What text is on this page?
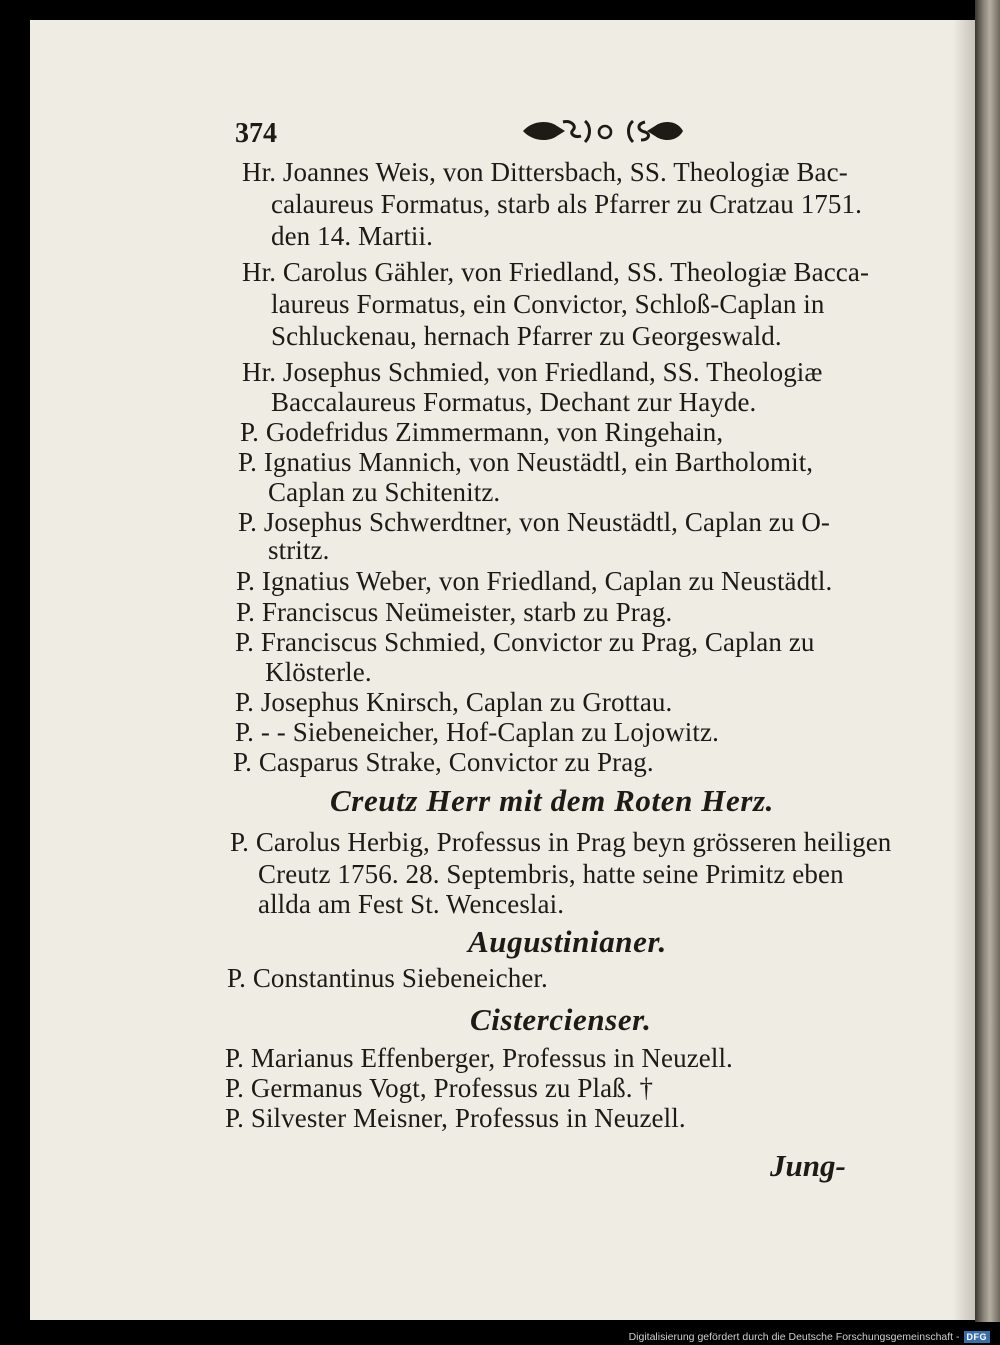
374
Hr. Joannes Weis, von Dittersbach, SS. Theologiæ Bac-
calaureus Formatus, starb als Pfarrer zu Cratzau 1751.
den 14. Martii.
Hr. Carolus Gähler, von Friedland, SS. Theologiæ Bacca-
laureus Formatus, ein Convictor, Schloß-Caplan in
Schluckenau, hernach Pfarrer zu Georgeswald.
Hr. Josephus Schmied, von Friedland, SS. Theologiæ
Baccalaureus Formatus, Dechant zur Hayde.
P. Godefridus Zimmermann, von Ringehain,
P. Ignatius Mannich, von Neustädtl, ein Bartholomit,
Caplan zu Schitenitz.
P. Josephus Schwerdtner, von Neustädtl, Caplan zu O-
stritz.
P. Ignatius Weber, von Friedland, Caplan zu Neustädtl.
P. Franciscus Neümeister, starb zu Prag.
P. Franciscus Schmied, Convictor zu Prag, Caplan zu
Klösterle.
P. Josephus Knirsch, Caplan zu Grottau.
P. - - Siebeneicher, Hof-Caplan zu Lojowitz.
P. Casparus Strake, Convictor zu Prag.
Creutz Herr mit dem Roten Herz.
P. Carolus Herbig, Professus in Prag beyn grösseren heiligen
Creutz 1756. 28. Septembris, hatte seine Primitz eben
allda am Fest St. Wenceslai.
Augustinianer.
P. Constantinus Siebeneicher.
Cistercienser.
P. Marianus Effenberger, Professus in Neuzell.
P. Germanus Vogt, Professus zu Plaß. †
P. Silvester Meisner, Professus in Neuzell.
Jung-
Digitalisierung gefördert durch die Deutsche Forschungsgemeinschaft - DFG
